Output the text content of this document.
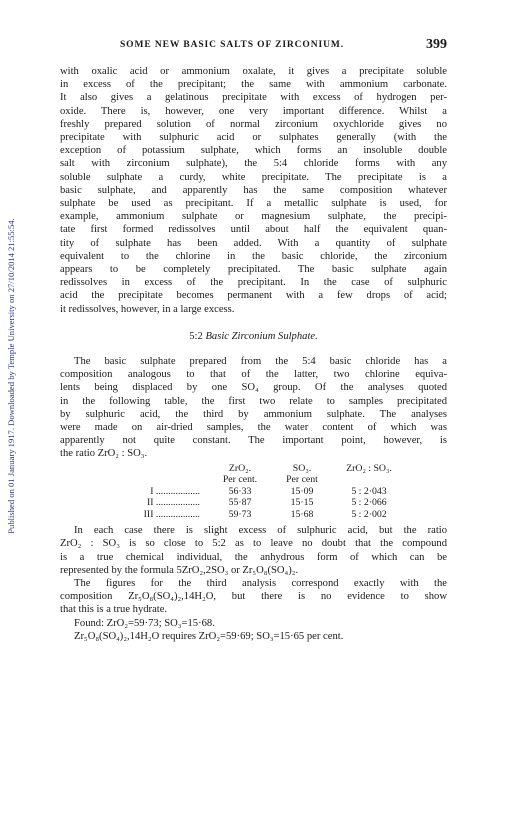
Published on 01 January 1917. Downloaded by Temple University on 27/10/2014 21:55:54.
SOME NEW BASIC SALTS OF ZIRCONIUM.	399
with oxalic acid or ammonium oxalate, it gives a precipitate soluble
in excess of the precipitant; the same with ammonium carbonate.
It also gives a gelatinous precipitate with excess of hydrogen per-
oxide. There is, however, one very important difference. Whilst a
freshly prepared solution of normal zirconium oxychloride gives no
precipitate with sulphuric acid or sulphates generally (with the
exception of potassium sulphate, which forms an insoluble double
salt with zirconium sulphate), the 5:4 chloride forms with any
soluble sulphate a curdy, white precipitate. The precipitate is a
basic sulphate, and apparently has the same composition whatever
sulphate be used as precipitant. If a metallic sulphate is used, for
example, ammonium sulphate or magnesium sulphate, the precipi-
tate first formed redissolves until about half the equivalent quan-
tity of sulphate has been added. With a quantity of sulphate
equivalent to the chlorine in the basic chloride, the zirconium
appears to be completely precipitated. The basic sulphate again
redissolves in excess of the precipitant. In the case of sulphuric
acid the precipitate becomes permanent with a few drops of acid;
it redissolves, however, in a large excess.
5:2 Basic Zirconium Sulphate.
The basic sulphate prepared from the 5:4 basic chloride has a
composition analogous to that of the latter, two chlorine equiva-
lents being displaced by one SO₄ group. Of the analyses quoted
in the following table, the first two relate to samples precipitated
by sulphuric acid, the third by ammonium sulphate. The analyses
were made on air-dried samples, the water content of which was
apparently not quite constant. The important point, however, is
the ratio ZrO₂ : SO₃.
	ZrO₂.	SO₃.	ZrO₂ : SO₃.
	Per cent.	Per cent	
I ..................	56·33	15·09	5 : 2·043
II ..................	55·87	15·15	5 : 2·066
III ..................	59·73	15·68	5 : 2·002
In each case there is slight excess of sulphuric acid, but the ratio
ZrO₂ : SO₃ is so close to 5:2 as to leave no doubt that the compound
is a true chemical individual, the anhydrous form of which can be
represented by the formula 5ZrO₂,2SO₃ or Zr₅O₈(SO₄)₂.
The figures for the third analysis correspond exactly with the
composition Zr₅O₈(SO₄)₂,14H₂O, but there is no evidence to show
that this is a true hydrate.
Found: ZrO₂=59·73; SO₃=15·68.
Zr₅O₈(SO₄)₂,14H₂O requires ZrO₂=59·69; SO₃=15·65 per cent.
